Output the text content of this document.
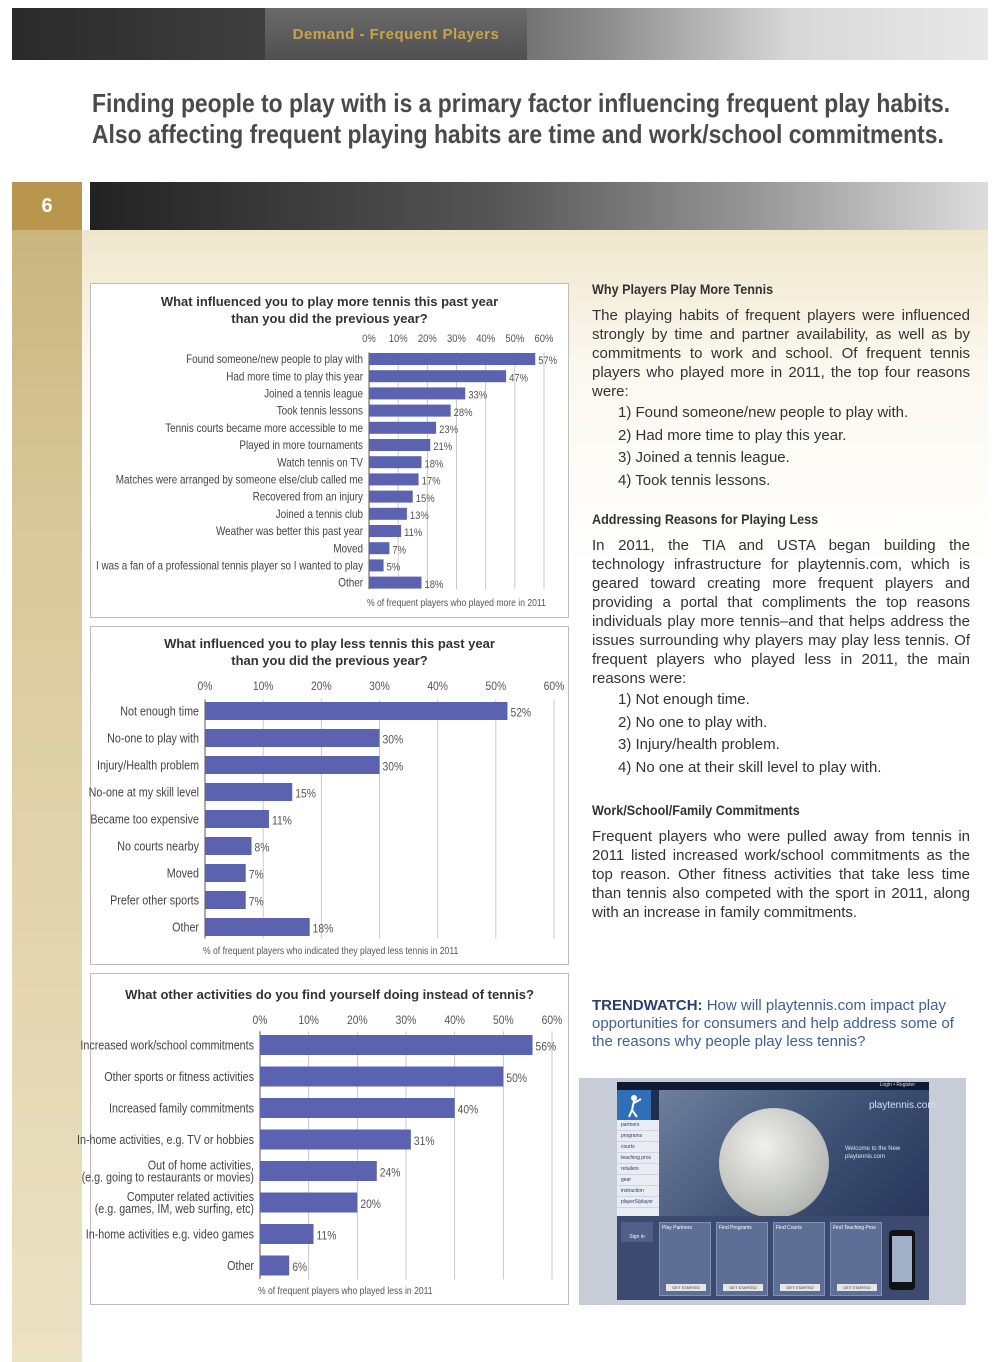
Demand - Frequent Players
Finding people to play with is a primary factor influencing frequent play habits.
Also affecting frequent playing habits are time and work/school commitments.
6
What influenced you to play more tennis this past year
than you did the previous year?
0% 10% 20% 30% 40% 50% 60%
57%
Found someone/new people to play with
47%
Had more time to play this year
33%
Joined a tennis league
28%
Took tennis lessons
23%
Tennis courts became more accessible to me
21%
Played in more tournaments
18%
Watch tennis on TV
17%
Matches were arranged by someone else/club called me
15%
Recovered from an injury
13%
Joined a tennis club
11%
Weather was better this past year
7%
Moved
5%
I was a fan of a professional tennis player so I wanted to play
18%
Other
% of frequent players who played more in 2011
What influenced you to play less tennis this past year
than you did the previous year?
0%	10%	20%	30%	40%	50%	60%
52%
Not enough time
30%
No-one to play with
30%
Injury/Health problem
15%
No-one at my skill level
11%
Became too expensive
8%
No courts nearby
7%
Moved
7%
Prefer other sports
18%
Other
% of frequent players who indicated they played less tennis in 2011
What other activities do you find yourself doing instead of tennis?
0%	10% 20% 30% 40% 50% 60%
56%
Increased work/school commitments
50%
Other sports or fitness activities
40%
Increased family commitments
31%
In-home activities, e.g. TV or hobbies
24%
Out of home activities,
(e.g. going to restaurants or movies)
20%
Computer related activities
(e.g. games, IM, web surfing, etc)
11%
In-home activities e.g. video games
6%
Other
% of frequent players who played less in 2011
Why Players Play More Tennis

The playing habits of frequent players were influenced strongly by time and partner availability, as well as by commitments to work and school. Of frequent tennis players who played more in 2011, the top four reasons were:

1) Found someone/new people to play with.
2) Had more time to play this year.
3) Joined a tennis league.
4) Took tennis lessons.
Addressing Reasons for Playing Less

In 2011, the TIA and USTA began building the technology infrastructure for playtennis.com, which is geared toward creating more frequent players and providing a portal that compliments the top reasons individuals play more tennis–and that helps address the issues surrounding why players may play less tennis. Of frequent players who played less in 2011, the main reasons were:

1) Not enough time.
2) No one to play with.
3) Injury/health problem.
4) No one at their skill level to play with.
Work/School/Family Commitments

Frequent players who were pulled away from tennis in 2011 listed increased work/school commitments as the top reason. Other fitness activities that take less time than tennis also competed with the sport in 2011, along with an increase in family commitments.

TRENDWATCH: How will playtennis.com impact play opportunities for consumers and help address some of the reasons why people play less tennis?
Login • Register
partners
programs
courts
teaching pros
retailers
gear
instruction
playerS/player
playtennis.com
Welcome to the New playtennis.com
Sign in
Play Partners
GET STARTED
Find Programs
GET STARTED
Find Courts
GET STARTED
Find Teaching Pros
GET STARTED
